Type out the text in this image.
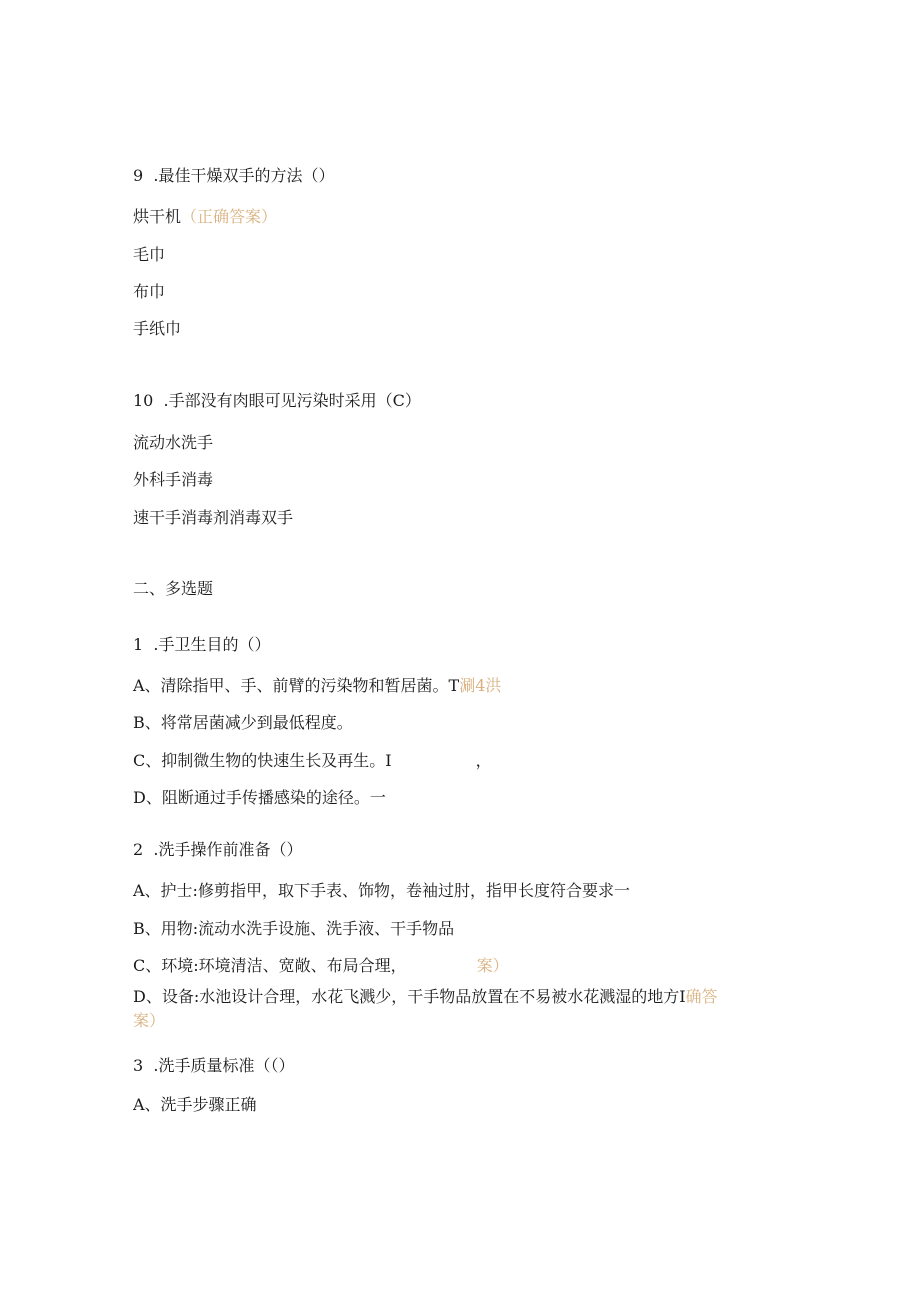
9  .最佳干燥双手的方法（）
烘干机（正确答案）
毛巾
布巾
手纸巾
10  .手部没有肉眼可见污染时采用（C）
流动水洗手
外科手消毒
速干手消毒剂消毒双手
二、多选题
1  .手卫生目的（）
A、清除指甲、手、前臂的污染物和暂居菌。T涮4洪
B、将常居菌减少到最低程度。
C、抑制微生物的快速生长及再生。I	，
D、阻断通过手传播感染的途径。一
2  .洗手操作前准备（）
A、护士:修剪指甲，取下手表、饰物，卷袖过肘，指甲长度符合要求一
B、用物:流动水洗手设施、洗手液、干手物品
C、环境:环境清洁、宽敞、布局合理，	案）
D、设备:水池设计合理，水花飞溅少，干手物品放置在不易被水花溅湿的地方I确答
案）
3  .洗手质量标准（（）
A、洗手步骤正确
